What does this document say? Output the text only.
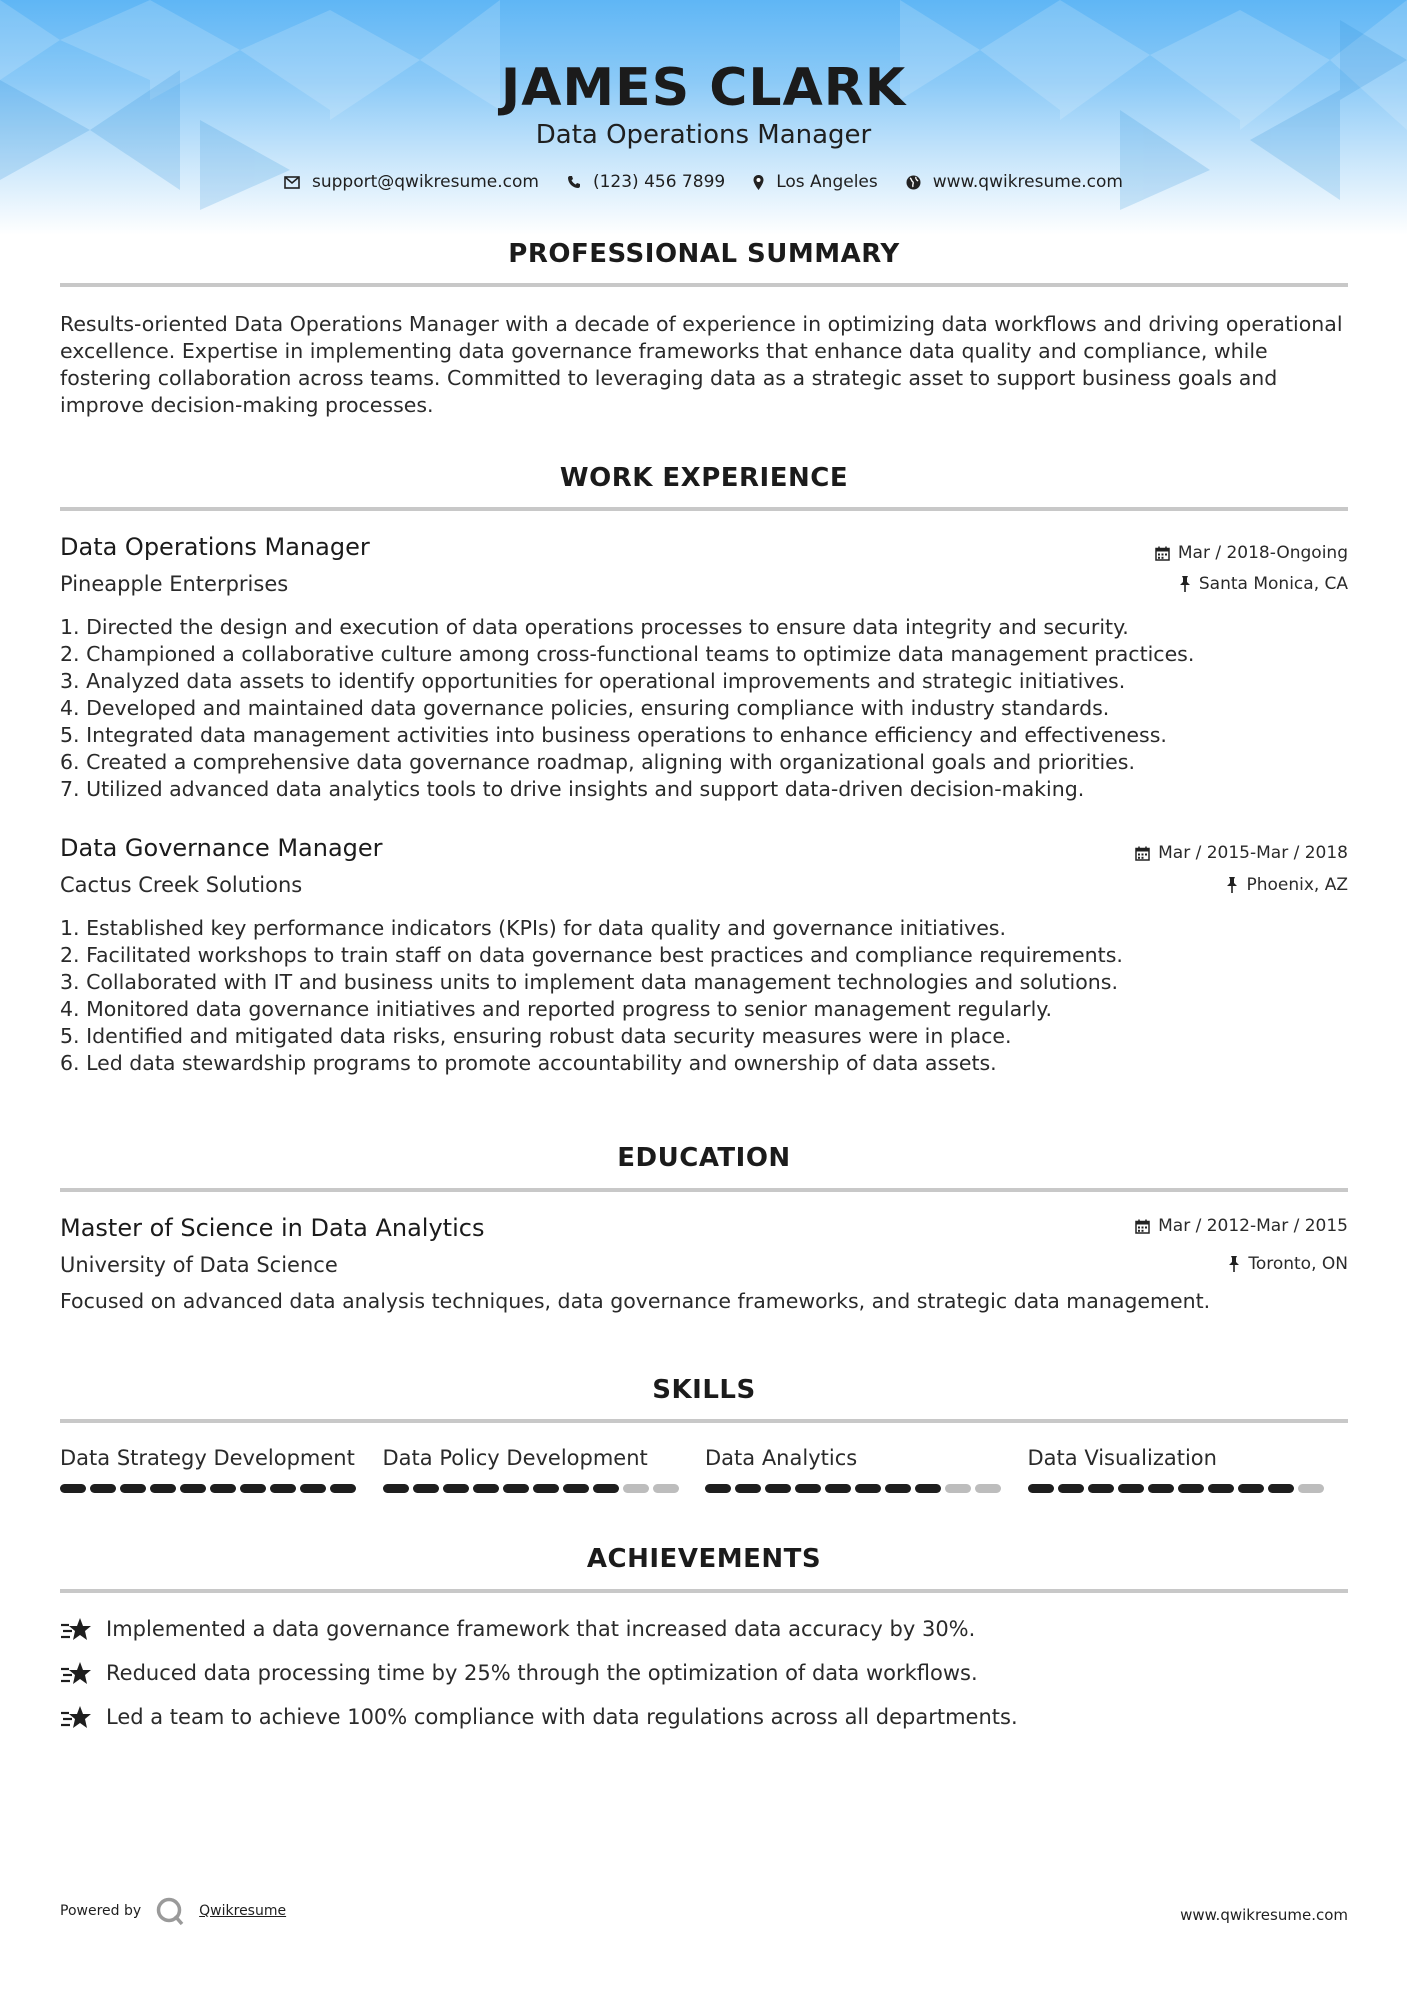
JAMES CLARK
Data Operations Manager
support@qwikresume.com	(123) 456 7899	Los Angeles	www.qwikresume.com
PROFESSIONAL SUMMARY
Results-oriented Data Operations Manager with a decade of experience in optimizing data workflows and driving operational excellence. Expertise in implementing data governance frameworks that enhance data quality and compliance, while fostering collaboration across teams. Committed to leveraging data as a strategic asset to support business goals and improve decision-making processes.
WORK EXPERIENCE
Data Operations Manager	Mar / 2018-Ongoing
Pineapple Enterprises	Santa Monica, CA
1. Directed the design and execution of data operations processes to ensure data integrity and security.
2. Championed a collaborative culture among cross-functional teams to optimize data management practices.
3. Analyzed data assets to identify opportunities for operational improvements and strategic initiatives.
4. Developed and maintained data governance policies, ensuring compliance with industry standards.
5. Integrated data management activities into business operations to enhance efficiency and effectiveness.
6. Created a comprehensive data governance roadmap, aligning with organizational goals and priorities.
7. Utilized advanced data analytics tools to drive insights and support data-driven decision-making.
Data Governance Manager	Mar / 2015-Mar / 2018
Cactus Creek Solutions	Phoenix, AZ
1. Established key performance indicators (KPIs) for data quality and governance initiatives.
2. Facilitated workshops to train staff on data governance best practices and compliance requirements.
3. Collaborated with IT and business units to implement data management technologies and solutions.
4. Monitored data governance initiatives and reported progress to senior management regularly.
5. Identified and mitigated data risks, ensuring robust data security measures were in place.
6. Led data stewardship programs to promote accountability and ownership of data assets.
EDUCATION
Master of Science in Data Analytics	Mar / 2012-Mar / 2015
University of Data Science	Toronto, ON
Focused on advanced data analysis techniques, data governance frameworks, and strategic data management.
SKILLS
Data Strategy Development	Data Policy Development	Data Analytics	Data Visualization
ACHIEVEMENTS
Implemented a data governance framework that increased data accuracy by 30%.
Reduced data processing time by 25% through the optimization of data workflows.
Led a team to achieve 100% compliance with data regulations across all departments.
Powered by	Qwikresume	www.qwikresume.com
